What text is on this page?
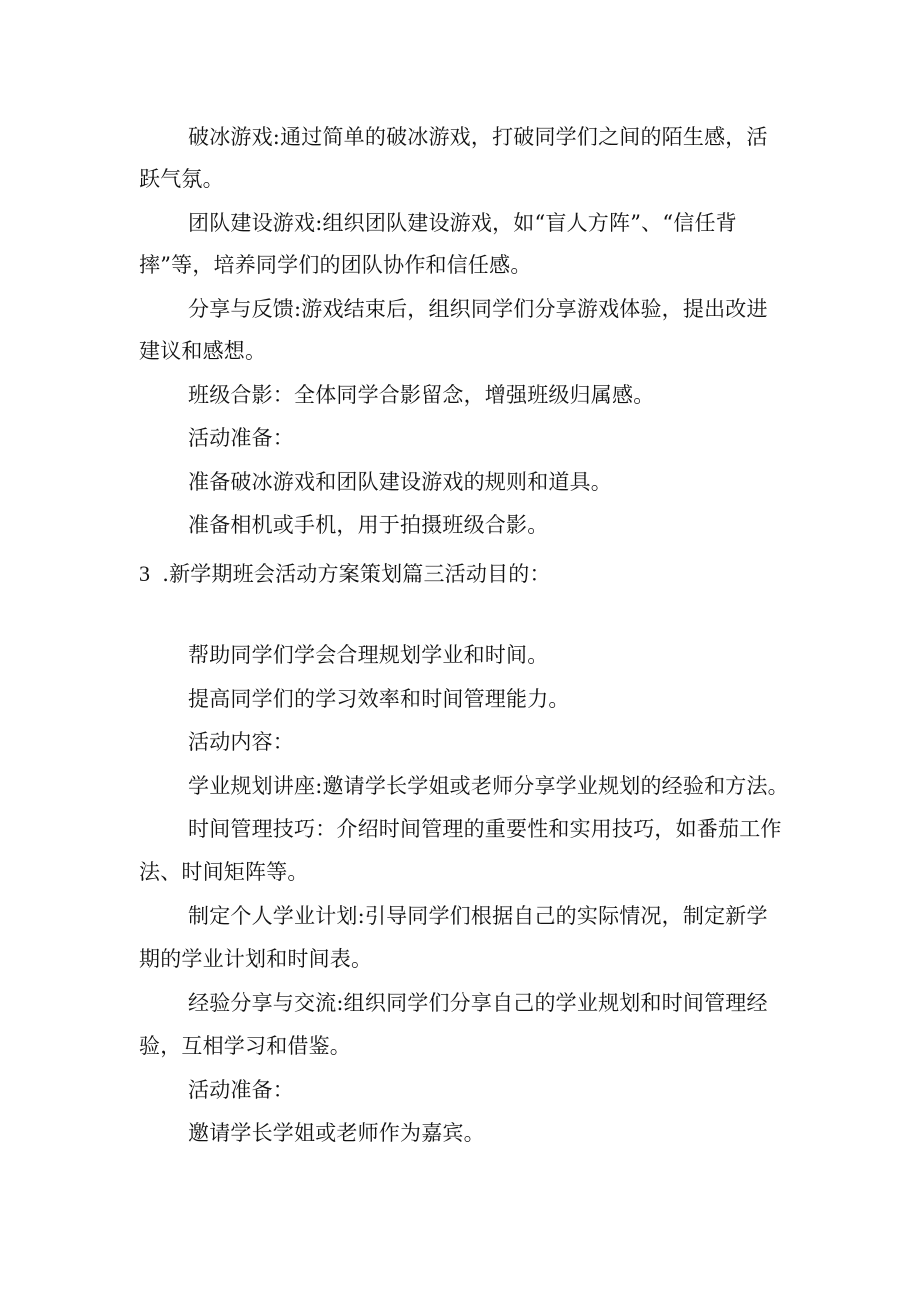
破冰游戏:通过简单的破冰游戏，打破同学们之间的陌生感，活
跃气氛。
团队建设游戏:组织团队建设游戏，如“盲人方阵”、“信任背
摔”等，培养同学们的团队协作和信任感。
分享与反馈:游戏结束后，组织同学们分享游戏体验，提出改进
建议和感想。
班级合影：全体同学合影留念，增强班级归属感。
活动准备：
准备破冰游戏和团队建设游戏的规则和道具。
准备相机或手机，用于拍摄班级合影。
3 .新学期班会活动方案策划篇三活动目的：
帮助同学们学会合理规划学业和时间。
提高同学们的学习效率和时间管理能力。
活动内容：
学业规划讲座:邀请学长学姐或老师分享学业规划的经验和方法。
时间管理技巧：介绍时间管理的重要性和实用技巧，如番茄工作
法、时间矩阵等。
制定个人学业计划:引导同学们根据自己的实际情况，制定新学
期的学业计划和时间表。
经验分享与交流:组织同学们分享自己的学业规划和时间管理经
验，互相学习和借鉴。
活动准备：
邀请学长学姐或老师作为嘉宾。
